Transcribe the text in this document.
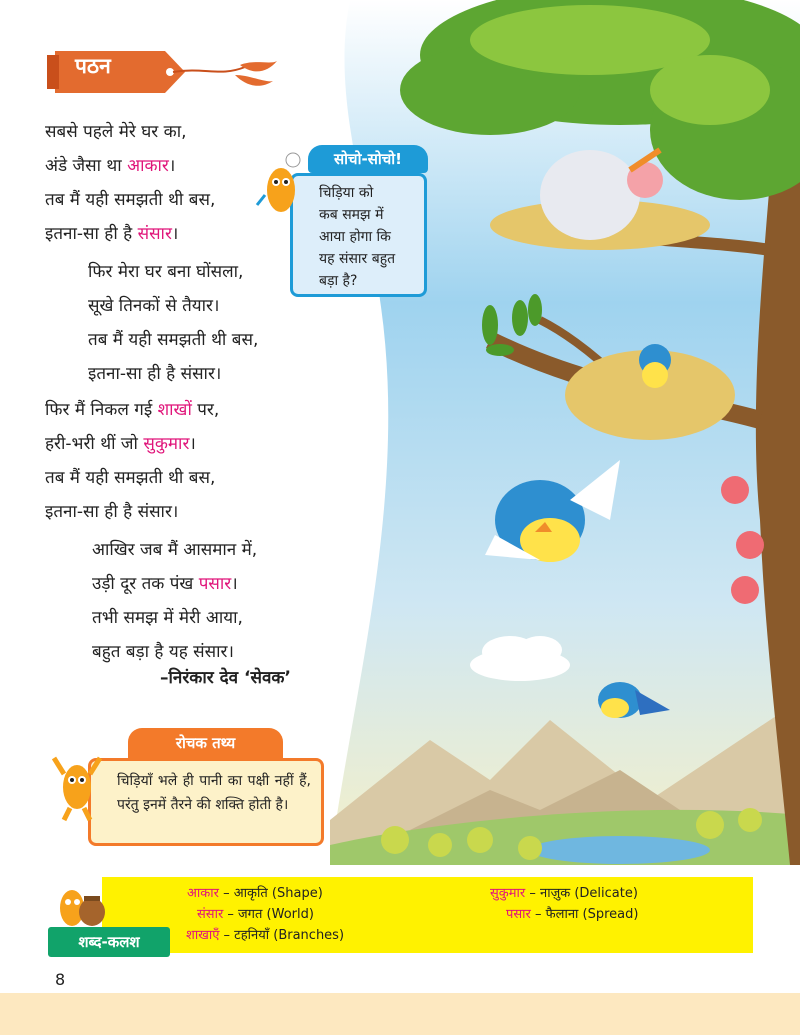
पठन
सबसे पहले मेरे घर का,
अंडे जैसा था आकार।
तब मैं यही समझती थी बस,
इतना-सा ही है संसार।
फिर मेरा घर बना घोंसला,
सूखे तिनकों से तैयार।
तब मैं यही समझती थी बस,
इतना-सा ही है संसार।
फिर मैं निकल गई शाखों पर,
हरी-भरी थीं जो सुकुमार।
तब मैं यही समझती थी बस,
इतना-सा ही है संसार।
आखिर जब मैं आसमान में,
उड़ी दूर तक पंख पसार।
तभी समझ में मेरी आया,
बहुत बड़ा है यह संसार।
–निरंकार देव ‘सेवक’
सोचो-सोचो!
चिड़िया को
कब समझ में
आया होगा कि
यह संसार बहुत
बड़ा है?
रोचक तथ्य
चिड़ियाँ भले ही पानी का पक्षी नहीं हैं, परंतु इनमें तैरने की शक्ति होती है।
आकार – आकृति (Shape)
संसार – जगत (World)
शाखाएँ – टहनियाँ (Branches)
सुकुमार – नाज़ुक (Delicate)
पसार – फैलाना (Spread)
शब्द-कलश
8
